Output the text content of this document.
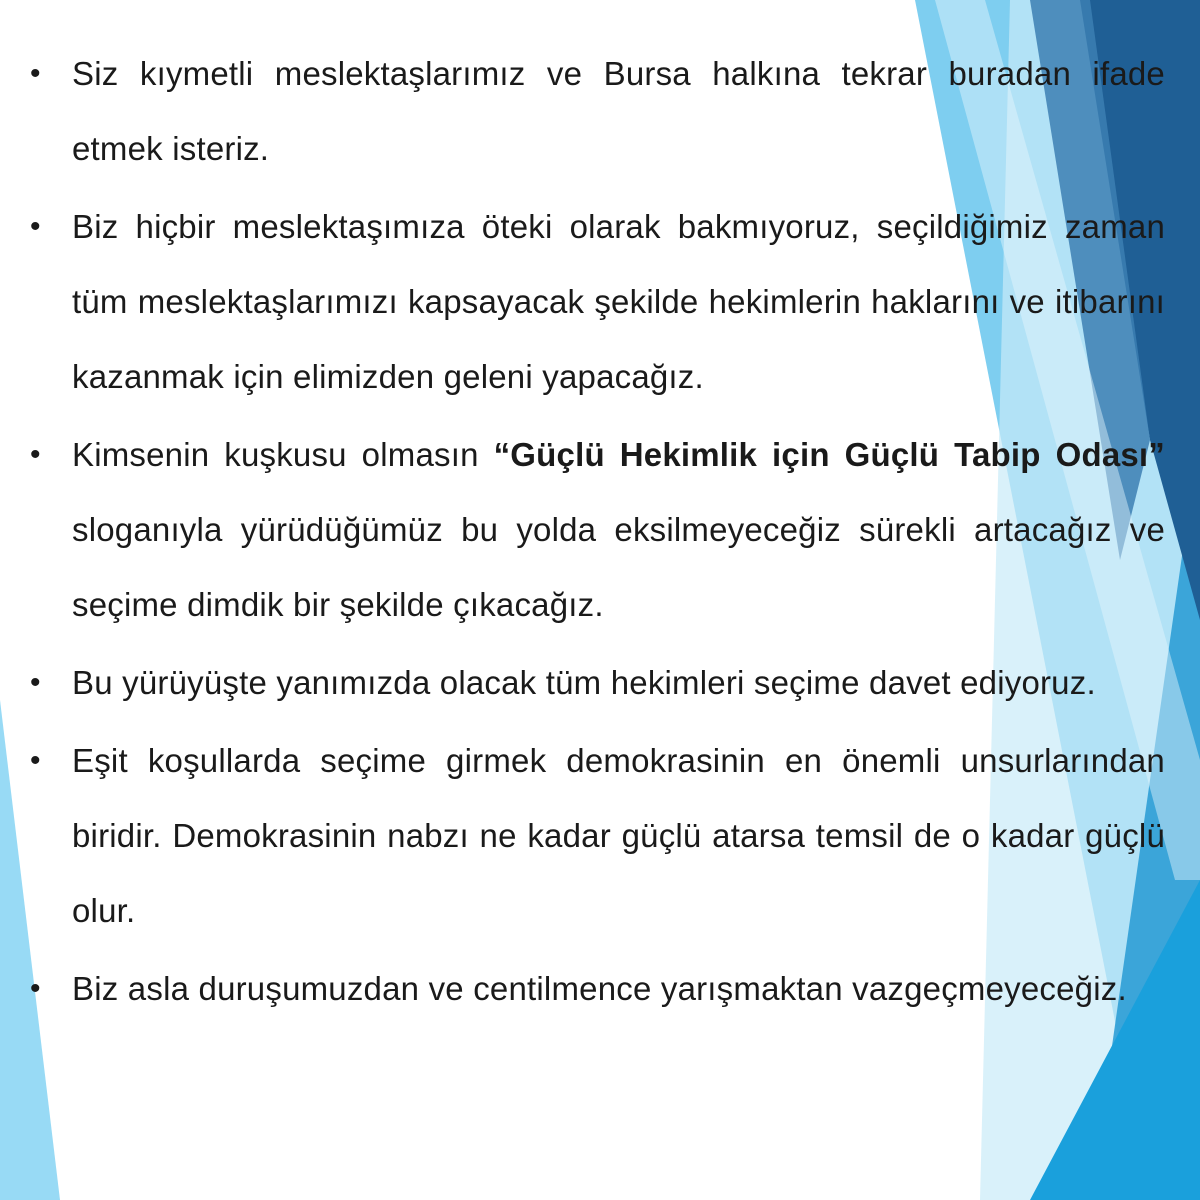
• Siz kıymetli meslektaşlarımız ve Bursa halkına tekrar buradan ifade etmek isteriz.
• Biz hiçbir meslektaşımıza öteki olarak bakmıyoruz, seçildiğimiz zaman tüm meslektaşlarımızı kapsayacak şekilde hekimlerin haklarını ve itibarını kazanmak için elimizden geleni yapacağız.
• Kimsenin kuşkusu olmasın “Güçlü Hekimlik için Güçlü Tabip Odası” sloganıyla yürüdüğümüz bu yolda eksilmeyeceğiz sürekli artacağız ve seçime dimdik bir şekilde çıkacağız.
• Bu yürüyüşte yanımızda olacak tüm hekimleri seçime davet ediyoruz.
• Eşit koşullarda seçime girmek demokrasinin en önemli unsurlarından biridir. Demokrasinin nabzı ne kadar güçlü atarsa temsil de o kadar güçlü olur.
• Biz asla duruşumuzdan ve centilmence yarışmaktan vazgeçmeyeceğiz.
